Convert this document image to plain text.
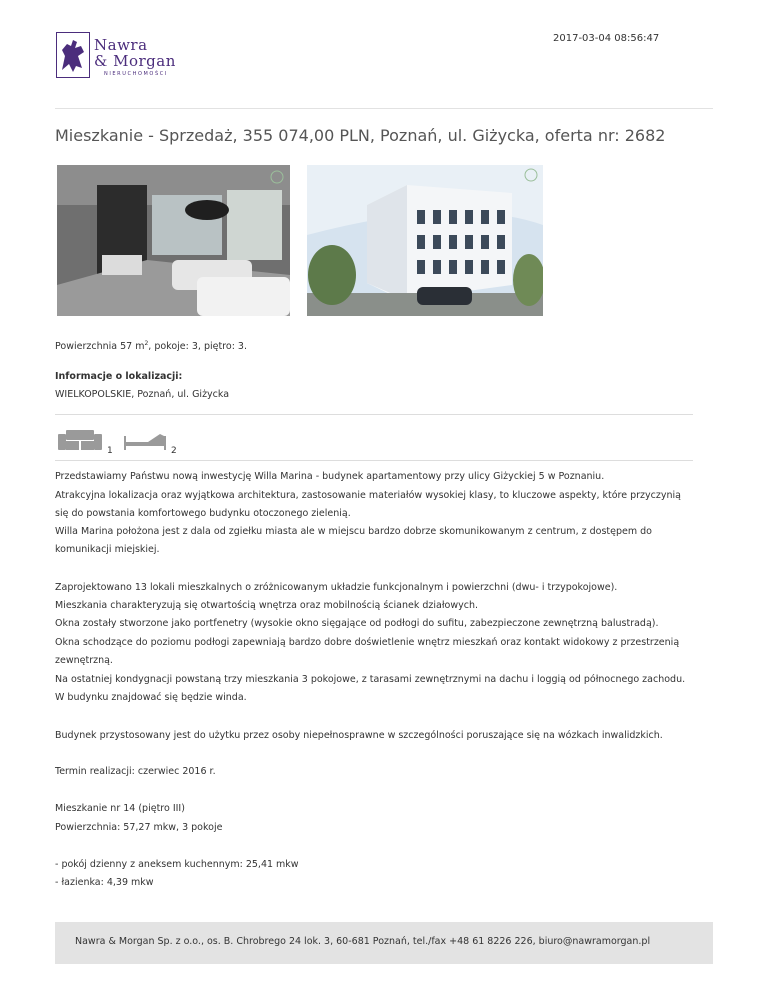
Nawra
& Morgan
NIERUCHOMOŚCI
2017-03-04 08:56:47
Mieszkanie - Sprzedaż, 355 074,00 PLN, Poznań, ul. Giżycka, oferta nr: 2682
Powierzchnia 57 $m^2$, pokoje: 3, piętro: 3.
Informacje o lokalizacji:
WIELKOPOLSKIE, Poznań, ul. Giżycka
1	2
Przedstawiamy Państwu nową inwestycję Willa Marina - budynek apartamentowy przy ulicy Giżyckiej 5 w Poznaniu.
Atrakcyjna lokalizacja oraz wyjątkowa architektura, zastosowanie materiałów wysokiej klasy, to kluczowe aspekty, które przyczynią
się do powstania komfortowego budynku otoczonego zielenią.
Willa Marina położona jest z dala od zgiełku miasta ale w miejscu bardzo dobrze skomunikowanym z centrum, z dostępem do
komunikacji miejskiej.
Zaprojektowano 13 lokali mieszkalnych o zróżnicowanym układzie funkcjonalnym i powierzchni (dwu- i trzypokojowe).
Mieszkania charakteryzują się otwartością wnętrza oraz mobilnością ścianek działowych.
Okna zostały stworzone jako portfenetry (wysokie okno sięgające od podłogi do sufitu, zabezpieczone zewnętrzną balustradą).
Okna schodzące do poziomu podłogi zapewniają bardzo dobre doświetlenie wnętrz mieszkań oraz kontakt widokowy z przestrzenią
zewnętrzną.
Na ostatniej kondygnacji powstaną trzy mieszkania 3 pokojowe, z tarasami zewnętrznymi na dachu i loggią od północnego zachodu.
W budynku znajdować się będzie winda.
Budynek przystosowany jest do użytku przez osoby niepełnosprawne w szczególności poruszające się na wózkach inwalidzkich.
Termin realizacji: czerwiec 2016 r.
Mieszkanie nr 14 (piętro III)
Powierzchnia: 57,27 mkw, 3 pokoje
- pokój dzienny z aneksem kuchennym: 25,41 mkw
- łazienka: 4,39 mkw
Nawra & Morgan Sp. z o.o., os. B. Chrobrego 24 lok. 3, 60-681 Poznań, tel./fax +48 61 8226 226, biuro@nawramorgan.pl
